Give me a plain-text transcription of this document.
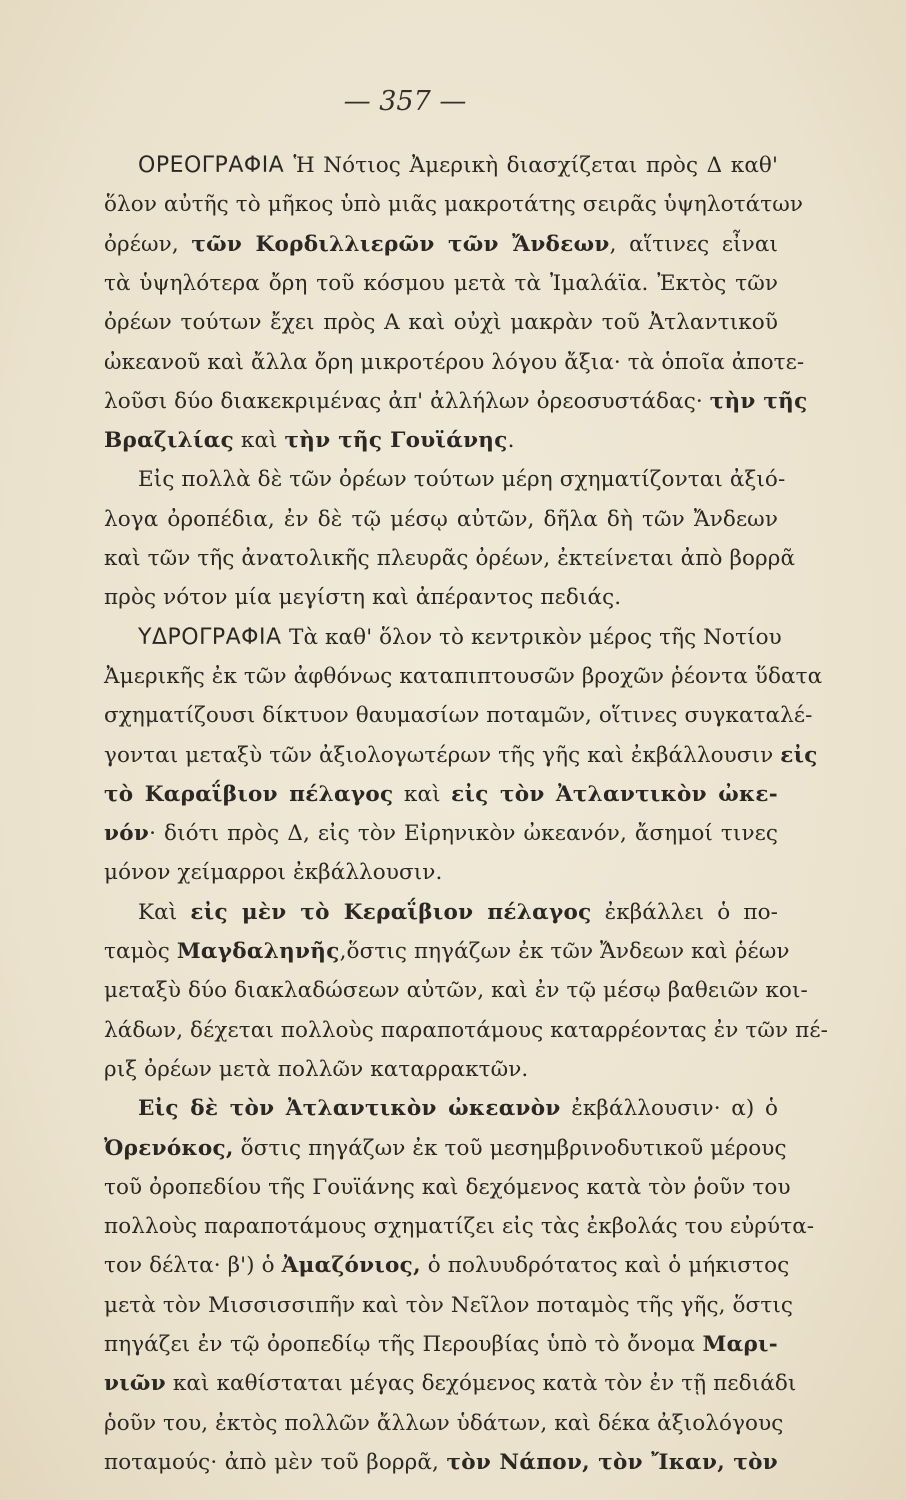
— 357 —
ΟΡΕΟΓΡΑΦΙΑ Ἡ Νότιος Ἀμερικὴ διασχίζεται πρὸς Δ καθ'
ὅλον αὐτῆς τὸ μῆκος ὑπὸ μιᾶς μακροτάτης σειρᾶς ὑψηλοτάτων
ὀρέων, τῶν Κορδιλλιερῶν τῶν Ἄνδεων, αἵτινες εἶναι
τὰ ὑψηλότερα ὄρη τοῦ κόσμου μετὰ τὰ Ἰμαλάϊα. Ἐκτὸς τῶν
ὀρέων τούτων ἔχει πρὸς Α καὶ οὐχὶ μακρὰν τοῦ Ἀτλαντικοῦ
ὠκεανοῦ καὶ ἄλλα ὄρη μικροτέρου λόγου ἄξια· τὰ ὁποῖα ἀποτε-
λοῦσι δύο διακεκριμένας ἀπ' ἀλλήλων ὀρεοσυστάδας· τὴν τῆς
Βραζιλίας καὶ τὴν τῆς Γουϊάνης.
Εἰς πολλὰ δὲ τῶν ὀρέων τούτων μέρη σχηματίζονται ἀξιό-
λογα ὀροπέδια, ἐν δὲ τῷ μέσῳ αὐτῶν, δῆλα δὴ τῶν Ἄνδεων
καὶ τῶν τῆς ἀνατολικῆς πλευρᾶς ὀρέων, ἐκτείνεται ἀπὸ βορρᾶ
πρὸς νότον μία μεγίστη καὶ ἀπέραντος πεδιάς.
ΥΔΡΟΓΡΑΦΙΑ Τὰ καθ' ὅλον τὸ κεντρικὸν μέρος τῆς Νοτίου
Ἀμερικῆς ἐκ τῶν ἀφθόνως καταπιπτουσῶν βροχῶν ῥέοντα ὕδατα
σχηματίζουσι δίκτυον θαυμασίων ποταμῶν, οἵτινες συγκαταλέ-
γονται μεταξὺ τῶν ἀξιολογωτέρων τῆς γῆς καὶ ἐκβάλλουσιν εἰς
τὸ Καραΐβιον πέλαγος καὶ εἰς τὸν Ἀτλαντικὸν ὠκε-
νόν· διότι πρὸς Δ, εἰς τὸν Εἰρηνικὸν ὠκεανόν, ἄσημοί τινες
μόνον χείμαρροι ἐκβάλλουσιν.
Καὶ εἰς μὲν τὸ Κεραΐβιον πέλαγος ἐκβάλλει ὁ πο-
ταμὸς Μαγδαληνῆς,ὅστις πηγάζων ἐκ τῶν Ἄνδεων καὶ ῥέων
μεταξὺ δύο διακλαδώσεων αὐτῶν, καὶ ἐν τῷ μέσῳ βαθειῶν κοι-
λάδων, δέχεται πολλοὺς παραποτάμους καταρρέοντας ἐν τῶν πέ-
ριξ ὀρέων μετὰ πολλῶν καταρρακτῶν.
Εἰς δὲ τὸν Ἀτλαντικὸν ὠκεανὸν ἐκβάλλουσιν· α) ὁ
Ὀρενόκος, ὅστις πηγάζων ἐκ τοῦ μεσημβρινοδυτικοῦ μέρους
τοῦ ὀροπεδίου τῆς Γουϊάνης καὶ δεχόμενος κατὰ τὸν ῥοῦν του
πολλοὺς παραποτάμους σχηματίζει εἰς τὰς ἐκβολάς του εὐρύτα-
τον δέλτα· β') ὁ Ἀμαζόνιος, ὁ πολυυδρότατος καὶ ὁ μήκιστος
μετὰ τὸν Μισσισσιπῆν καὶ τὸν Νεῖλον ποταμὸς τῆς γῆς, ὅστις
πηγάζει ἐν τῷ ὀροπεδίῳ τῆς Περουβίας ὑπὸ τὸ ὄνομα Μαρι-
νιῶν καὶ καθίσταται μέγας δεχόμενος κατὰ τὸν ἐν τῇ πεδιάδι
ῥοῦν του, ἐκτὸς πολλῶν ἄλλων ὑδάτων, καὶ δέκα ἀξιολόγους
ποταμούς· ἀπὸ μὲν τοῦ βορρᾶ, τὸν Νάπον, τὸν Ἴκαν, τὸν
